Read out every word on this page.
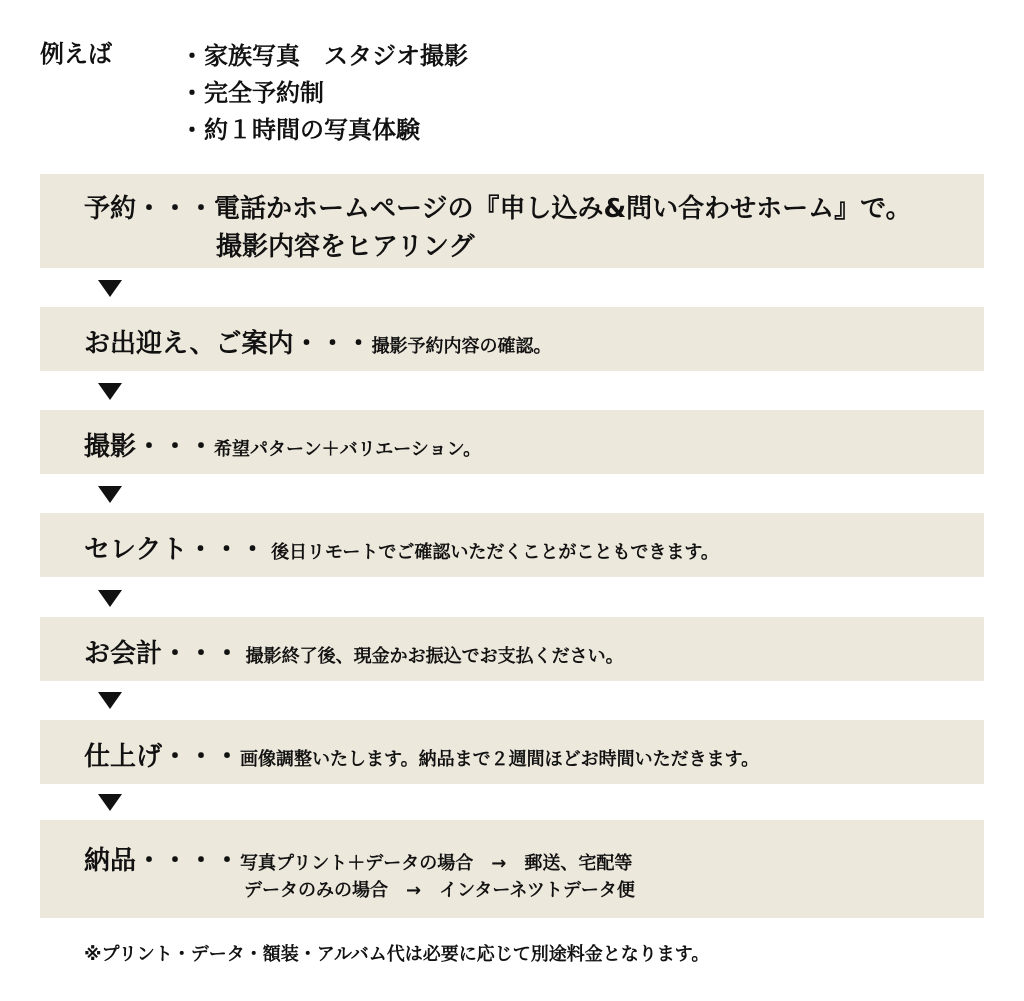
例えば	・家族写真　スタジオ撮影
・完全予約制
・約１時間の写真体験
予約・・・電話かホームページの『申し込み&問い合わせホーム』で。
撮影内容をヒアリング
お出迎え、ご案内・・・撮影予約内容の確認。
撮影・・・希望パターン＋バリエーション。
セレクト・・・ 後日リモートでご確認いただくことがこともできます。
お会計・・・ 撮影終了後、現金かお振込でお支払ください。
仕上げ・・・画像調整いたします。納品まで２週間ほどお時間いただきます。
納品・・・・写真プリント＋データの場合　→　郵送、宅配等
データのみの場合　→　インターネツトデータ便
※プリント・データ・額装・アルバム代は必要に応じて別途料金となります。
